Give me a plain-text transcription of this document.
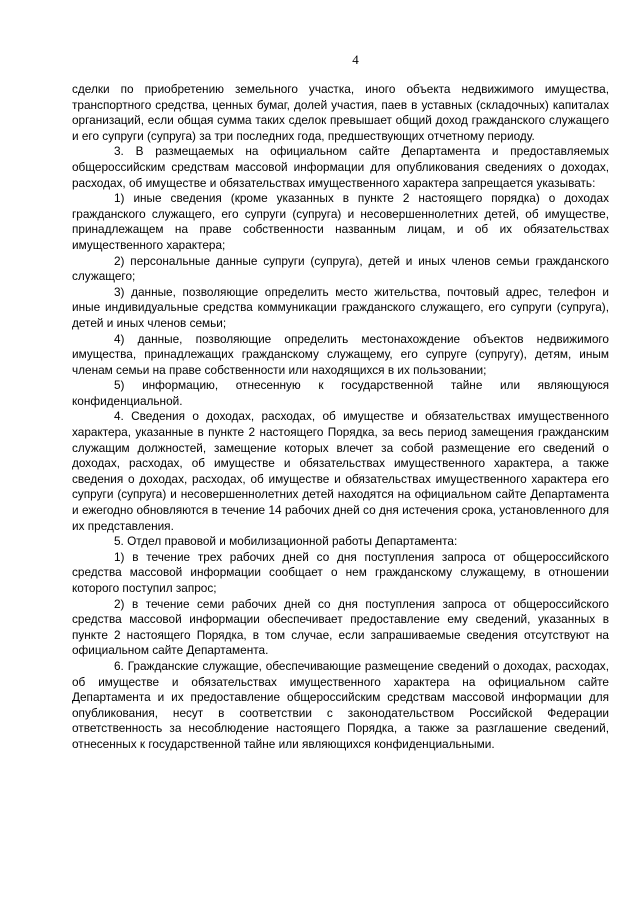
4

сделки по приобретению земельного участка, иного объекта недвижимого имущества, транспортного средства, ценных бумаг, долей участия, паев в уставных (складочных) капиталах организаций, если общая сумма таких сделок превышает общий доход гражданского служащего и его супруги (супруга) за три последних года, предшествующих отчетному периоду.

3. В размещаемых на официальном сайте Департамента и предоставляемых общероссийским средствам массовой информации для опубликования сведениях о доходах, расходах, об имуществе и обязательствах имущественного характера запрещается указывать:

1) иные сведения (кроме указанных в пункте 2 настоящего порядка) о доходах гражданского служащего, его супруги (супруга) и несовершеннолетних детей, об имуществе, принадлежащем на праве собственности названным лицам, и об их обязательствах имущественного характера;

2) персональные данные супруги (супруга), детей и иных членов семьи гражданского служащего;

3) данные, позволяющие определить место жительства, почтовый адрес, телефон и иные индивидуальные средства коммуникации гражданского служащего, его супруги (супруга), детей и иных членов семьи;

4) данные, позволяющие определить местонахождение объектов недвижимого имущества, принадлежащих гражданскому служащему, его супруге (супругу), детям, иным членам семьи на праве собственности или находящихся в их пользовании;

5) информацию, отнесенную к государственной тайне или являющуюся конфиденциальной.

4. Сведения о доходах, расходах, об имуществе и обязательствах имущественного характера, указанные в пункте 2 настоящего Порядка, за весь период замещения гражданским служащим должностей, замещение которых влечет за собой размещение его сведений о доходах, расходах, об имуществе и обязательствах имущественного характера, а также сведения о доходах, расходах, об имуществе и обязательствах имущественного характера его супруги (супруга) и несовершеннолетних детей находятся на официальном сайте Департамента и ежегодно обновляются в течение 14 рабочих дней со дня истечения срока, установленного для их представления.

5. Отдел правовой и мобилизационной работы Департамента:

1) в течение трех рабочих дней со дня поступления запроса от общероссийского средства массовой информации сообщает о нем гражданскому служащему, в отношении которого поступил запрос;

2) в течение семи рабочих дней со дня поступления запроса от общероссийского средства массовой информации обеспечивает предоставление ему сведений, указанных в пункте 2 настоящего Порядка, в том случае, если запрашиваемые сведения отсутствуют на официальном сайте Департамента.

6. Гражданские служащие, обеспечивающие размещение сведений о доходах, расходах, об имуществе и обязательствах имущественного характера на официальном сайте Департамента и их предоставление общероссийским средствам массовой информации для опубликования, несут в соответствии с законодательством Российской Федерации ответственность за несоблюдение настоящего Порядка, а также за разглашение сведений, отнесенных к государственной тайне или являющихся конфиденциальными.
